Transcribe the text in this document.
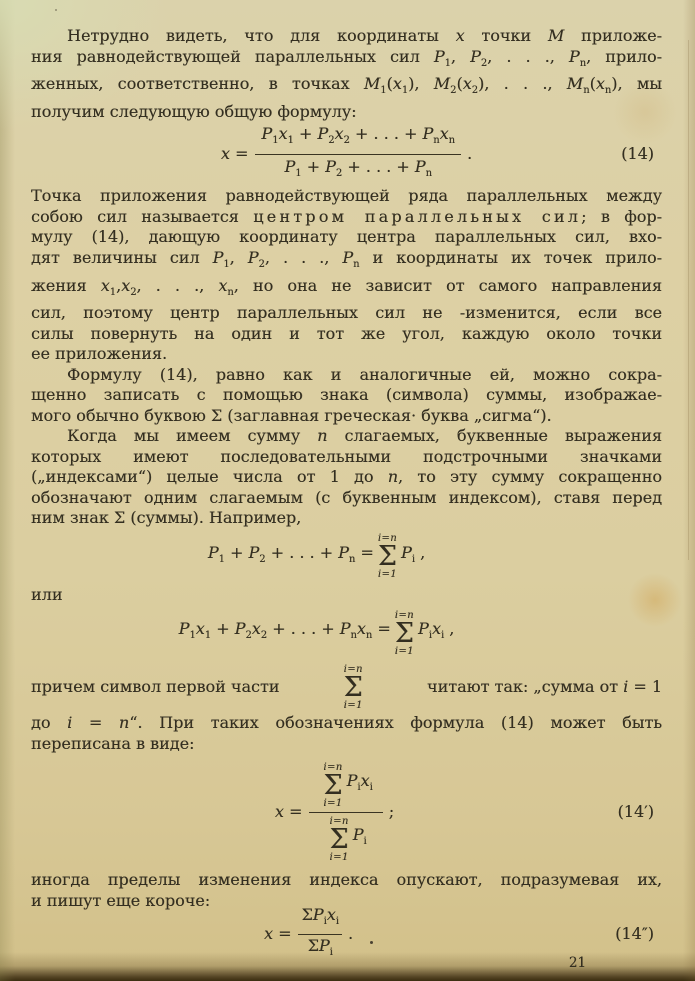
Нетрудно видеть, что для координаты x точки M приложе-
ния равнодействующей параллельных сил $P_1$, $P_2$, . . ., $P_n$, прило-
женных, соответственно, в точках $M_1(x_1)$, $M_2(x_2)$, . . ., $M_n(x_n)$, мы
получим следующую общую формулу:
$x = \frac{P_1x_1 + P_2x_2 + . . . + P_nx_n}{P_1 + P_2 + . . . + P_n}$ .	(14)
Точка приложения равнодействующей ряда параллельных между
собою сил называется центром параллельных сил; в фор-
мулу (14), дающую координату центра параллельных сил, вхо-
дят величины сил $P_1$, $P_2$, . . ., $P_n$ и координаты их точек прило-
жения $x_1,x_2$, . . ., $x_n$, но она не зависит от самого направления
сил, поэтому центр параллельных сил не -изменится, если все
силы повернуть на один и тот же угол, каждую около точки
ее приложения.
Формулу (14), равно как и аналогичные ей, можно сокра-
щенно записать с помощью знака (символа) суммы, изображае-
мого обычно буквою Σ (заглавная греческая· буква „сигма“).
Когда мы имеем сумму n слагаемых, буквенные выражения
которых имеют последовательными подстрочными значками
(„индексами“) целые числа от 1 до n, то эту сумму сокращенно
обозначают одним слагаемым (с буквенным индексом), ставя перед
ним знак Σ (суммы). Например,
$P_1 + P_2$ + . . . + $P_n$ =
i=n
Σ
i=1
$P_i$ ,
или
$P_1x_1 + P_2x_2$ + . . . + $P_nx_n$ =
i=n
Σ
i=1
$P_ix_i$ ,
причем символ первой части
i=n
Σ
i=1
читают так: „сумма от i = 1
до i = n“. При таких обозначениях формула (14) может быть
переписана в виде:
x =
i=n
Σ
i=1
$P_ix_i$
i=n
Σ
i=1
$P_i$
;	(14′)
иногда пределы изменения индекса опускают, подразумевая их,
и пишут еще короче:
$x = \frac{\Sigma P_ix_i}{\Sigma P_i}$ .	(14″)
21
